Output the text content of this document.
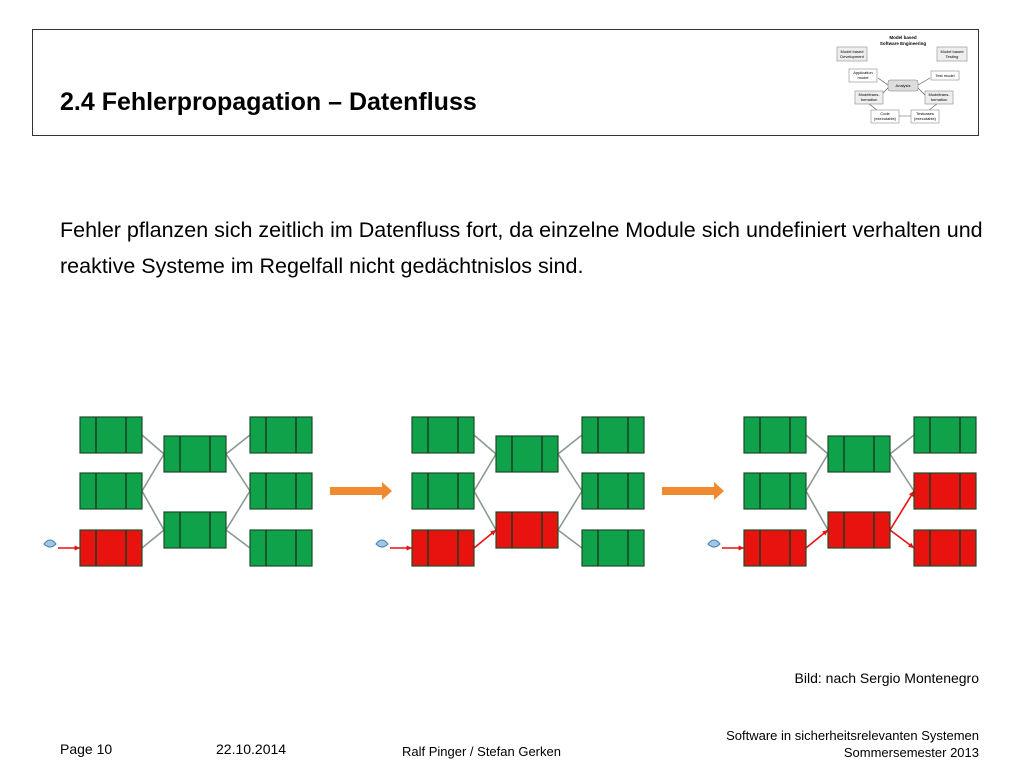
2.4 Fehlerpropagation – Datenfluss
Model based
Software Engineering
Model based
Development
Model based
Testing
Application
model	Test model
Analysis
Modeltrans-
formation
Modeltrans-
formation
Code
(executable)
Testcases
(executable)

Fehler pflanzen sich zeitlich im Datenfluss fort, da einzelne Module sich undefiniert verhalten und reaktive Systeme im Regelfall nicht gedächtnislos sind.

Bild: nach Sergio Montenegro
Page 10	22.10.2014	Ralf Pinger / Stefan Gerken
Software in sicherheitsrelevanten Systemen
Sommersemester 2013
